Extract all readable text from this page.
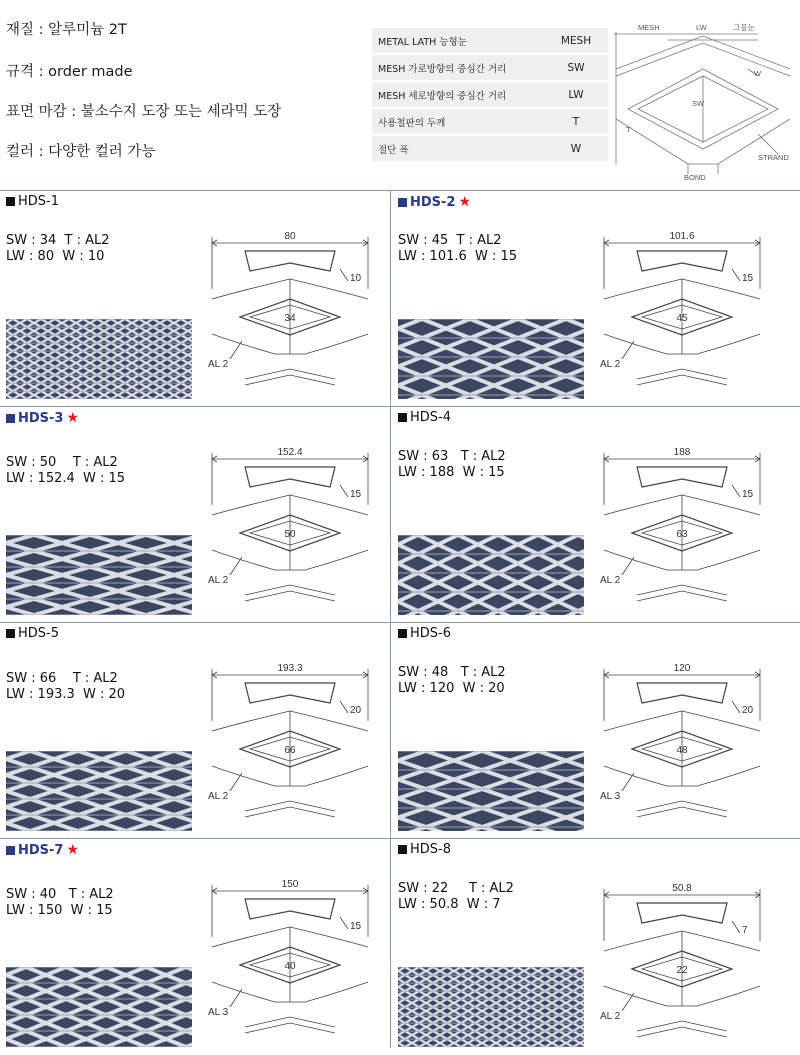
재질 : 알루미늄 2T
규격 : order made
표면 마감 : 불소수지 도장 또는 세라믹 도장
컬러 : 다양한 컬러 가능
METAL LATH 능형눈	MESH
MESH 가로방향의 중심간 거리	SW
MESH 세로방향의 중심간 거리	LW
사용철판의 두께	T
절단 폭	W
MESH	LW	그물눈
W
SW
T
STRAND
BOND
HDS-1
SW : 34  T : AL2
LW : 80  W : 10
80
10
34
AL 2
HDS-2 ★
SW : 45  T : AL2
LW : 101.6  W : 15
101.6
15
45
AL 2
HDS-3 ★
SW : 50    T : AL2
LW : 152.4  W : 15
152.4
15
50
AL 2
HDS-4
SW : 63   T : AL2
LW : 188  W : 15
188
15
63
AL 2
HDS-5
SW : 66    T : AL2
LW : 193.3  W : 20
193.3
20
66
AL 2
HDS-6
SW : 48   T : AL2
LW : 120  W : 20
120
20
48
AL 3
HDS-7 ★
SW : 40   T : AL2
LW : 150  W : 15
150
15
40
AL 3
HDS-8
SW : 22     T : AL2
LW : 50.8  W : 7
50.8
7
22
AL 2
